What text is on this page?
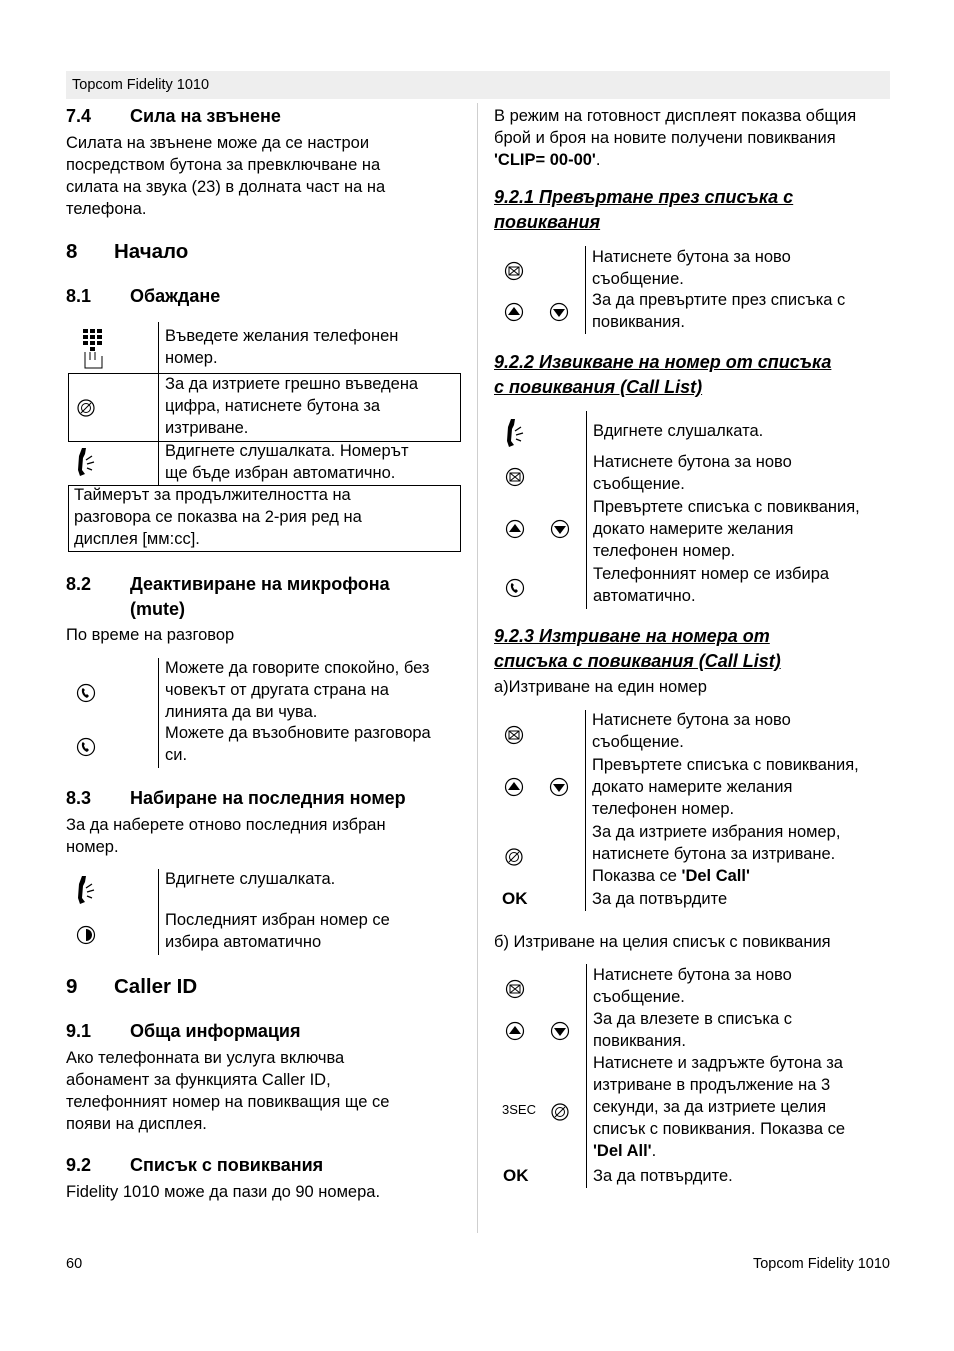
Topcom Fidelity 1010
7.4 Сила на звънене
Силата на звънене може да се настрои
посредством бутона за превключване на
силата на звука (23) в долната част на на
телефона.
8 Начало
8.1 Обаждане
Въведете желания телефонен
номер.
За да изтриете грешно въведена
цифра, натиснете бутона за
изтриване.
Вдигнете слушалката. Номерът
ще бъде избран автоматично.
Таймерът за продължителността на
разговора се показва на 2-рия ред на
дисплея [мм:сс].
8.2 Деактивиране на микрофона
(mute)
По време на разговор
Можете да говорите спокойно, без
човекът от другата страна на
линията да ви чува.
Можете да възобновите разговора
си.
8.3 Набиране на последния номер
За да наберете отново последния избран
номер.
Вдигнете слушалката.
Последният избран номер се
избира автоматично
9 Caller ID
9.1 Обща информация
Ако телефонната ви услуга включва
абонамент за функцията Caller ID,
телефонният номер на повикващия ще се
появи на дисплея.
9.2 Списък с повиквания
Fidelity 1010 може да пази до 90 номера.
В режим на готовност дисплеят показва общия
брой и броя на новите получени повиквания
'CLIP= 00-00'.
9.2.1 Превъртане през списъка с
повиквания
Натиснете бутона за ново
съобщение.
За да превъртите през списъка с
повиквания.
9.2.2 Извикване на номер от списъка
с повиквания (Call List)
Вдигнете слушалката.
Натиснете бутона за ново
съобщение.
Превъртете списъка с повиквания,
докато намерите желания
телефонен номер.
Телефонният номер се избира
автоматично.
9.2.3 Изтриване на номера от
списъка с повиквания (Call List)
а)Изтриване на един номер
OK
Натиснете бутона за ново
съобщение.
Превъртете списъка с повиквания,
докато намерите желания
телефонен номер.
За да изтриете избрания номер,
натиснете бутона за изтриване.
Показва се 'Del Call'
За да потвърдите
б) Изтриване на целия списък с повиквания
3SEC
OK
Натиснете бутона за ново
съобщение.
За да влезете в списъка с
повиквания.
Натиснете и задръжте бутона за
изтриване в продължение на 3
секунди, за да изтриете целия
списък с повиквания. Показва се
'Del All'.
За да потвърдите.
60	Topcom Fidelity 1010
